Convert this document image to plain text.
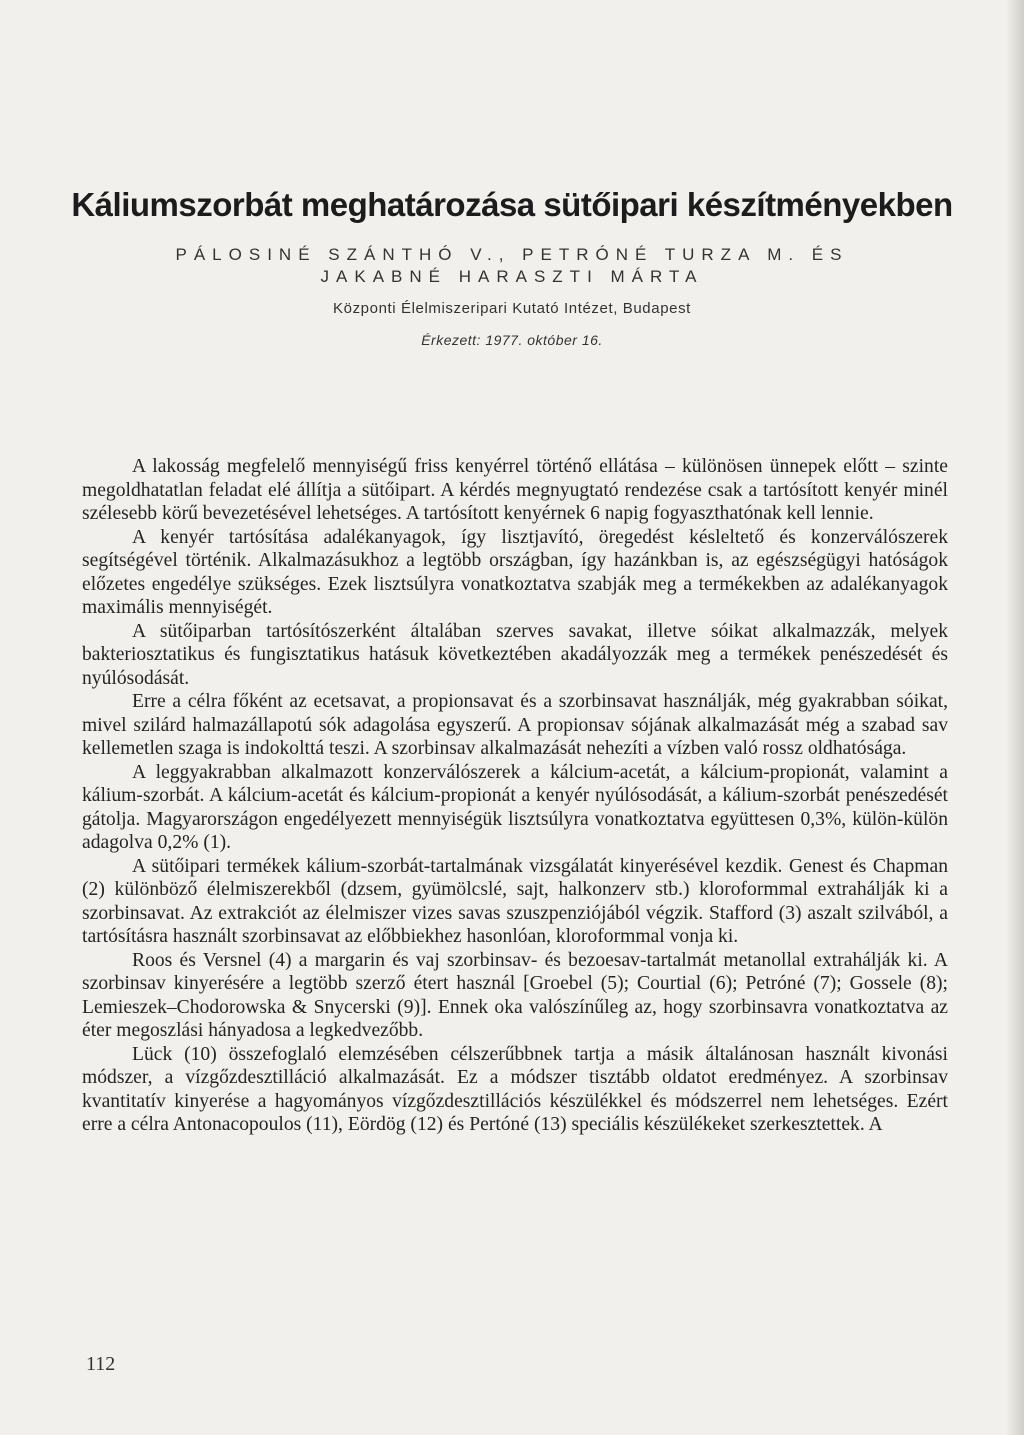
Káliumszorbát meghatározása sütőipari készítményekben
PÁLOSINÉ SZÁNTHÓ V., PETRÓNÉ TURZA M. ÉS
JAKABNÉ HARASZTI MÁRTA
Központi Élelmiszeripari Kutató Intézet, Budapest
Érkezett: 1977. október 16.

A lakosság megfelelő mennyiségű friss kenyérrel történő ellátása – különösen ünnepek előtt – szinte megoldhatatlan feladat elé állítja a sütőipart. A kérdés megnyugtató rendezése csak a tartósított kenyér minél szélesebb körű bevezetésével lehetséges. A tartósított kenyérnek 6 napig fogyaszthatónak kell lennie.

A kenyér tartósítása adalékanyagok, így lisztjavító, öregedést késleltető és konzerválószerek segítségével történik. Alkalmazásukhoz a legtöbb országban, így hazánkban is, az egészségügyi hatóságok előzetes engedélye szükséges. Ezek lisztsúlyra vonatkoztatva szabják meg a termékekben az adalékanyagok maximális mennyiségét.

A sütőiparban tartósítószerként általában szerves savakat, illetve sóikat alkalmazzák, melyek bakteriosztatikus és fungisztatikus hatásuk következtében akadályozzák meg a termékek penészedését és nyúlósodását.

Erre a célra főként az ecetsavat, a propionsavat és a szorbinsavat használják, még gyakrabban sóikat, mivel szilárd halmazállapotú sók adagolása egyszerű. A propionsav sójának alkalmazását még a szabad sav kellemetlen szaga is indokolttá teszi. A szorbinsav alkalmazását nehezíti a vízben való rossz oldhatósága.

A leggyakrabban alkalmazott konzerválószerek a kálcium-acetát, a kálcium-propionát, valamint a kálium-szorbát. A kálcium-acetát és kálcium-propionát a kenyér nyúlósodását, a kálium-szorbát penészedését gátolja. Magyarországon engedélyezett mennyiségük lisztsúlyra vonatkoztatva együttesen 0,3%, külön-külön adagolva 0,2% (1).

A sütőipari termékek kálium-szorbát-tartalmának vizsgálatát kinyerésével kezdik. Genest és Chapman (2) különböző élelmiszerekből (dzsem, gyümölcslé, sajt, halkonzerv stb.) kloroformmal extrahálják ki a szorbinsavat. Az extrakciót az élelmiszer vizes savas szuszpenziójából végzik. Stafford (3) aszalt szilvából, a tartósításra használt szorbinsavat az előbbiekhez hasonlóan, kloroformmal vonja ki.

Roos és Versnel (4) a margarin és vaj szorbinsav- és bezoesav-tartalmát metanollal extrahálják ki. A szorbinsav kinyerésére a legtöbb szerző étert használ [Groebel (5); Courtial (6); Petróné (7); Gossele (8); Lemieszek–Chodorowska & Snycerski (9)]. Ennek oka valószínűleg az, hogy szorbinsavra vonatkoztatva az éter megoszlási hányadosa a legkedvezőbb.

Lück (10) összefoglaló elemzésében célszerűbbnek tartja a másik általánosan használt kivonási módszer, a vízgőzdesztilláció alkalmazását. Ez a módszer tisztább oldatot eredményez. A szorbinsav kvantitatív kinyerése a hagyományos vízgőzdesztillációs készülékkel és módszerrel nem lehetséges. Ezért erre a célra Antonacopoulos (11), Eördög (12) és Pertóné (13) speciális készülékeket szerkesztettek. A

112
